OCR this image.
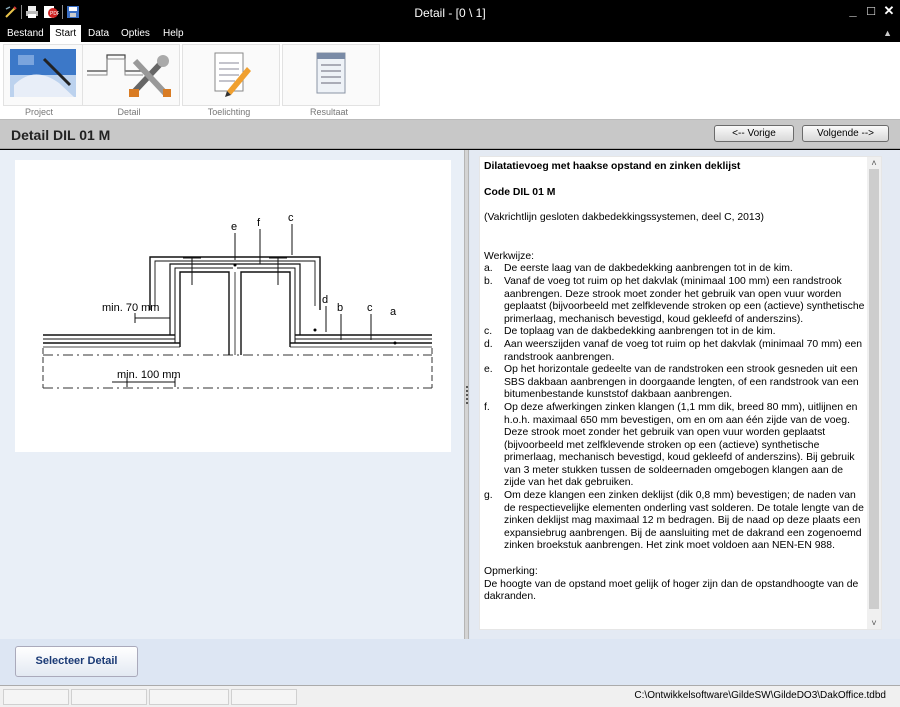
PDF	Detail - [0 \ 1]	_ □ ✕
Bestand	Start	Data	Opties	Help	▲
Project	Detail	Toelichting	Resultaat
Detail DIL 01 M	<-- Vorige	Volgende -->
e f	c
d
b c a
min. 70 mm
min. 100 mm
Dilatatievoeg met haakse opstand en zinken deklijst
Code DIL 01 M
(Vakrichtlijn gesloten dakbedekkingssystemen, deel C, 2013)
Werkwijze:
a. De eerste laag van de dakbedekking aanbrengen tot in de kim.
b. Vanaf de voeg tot ruim op het dakvlak (minimaal 100 mm) een randstrook aanbrengen. Deze strook moet zonder het gebruik van open vuur worden geplaatst (bijvoorbeeld met zelfklevende stroken op een (actieve) synthetische primerlaag, mechanisch bevestigd, koud gekleefd of anderszins).
c. De toplaag van de dakbedekking aanbrengen tot in de kim.
d. Aan weerszijden vanaf de voeg tot ruim op het dakvlak (minimaal 70 mm) een randstrook aanbrengen.
e. Op het horizontale gedeelte van de randstroken een strook gesneden uit een SBS dakbaan aanbrengen in doorgaande lengten, of een randstrook van een bitumenbestande kunststof dakbaan aanbrengen.
f. Op deze afwerkingen zinken klangen (1,1 mm dik, breed 80 mm), uitlijnen en h.o.h. maximaal 650 mm bevestigen, om en om aan één zijde van de voeg. Deze strook moet zonder het gebruik van open vuur worden geplaatst (bijvoorbeeld met zelfklevende stroken op een (actieve) synthetische primerlaag, mechanisch bevestigd, koud gekleefd of anderszins). Bij gebruik van 3 meter stukken tussen de soldeernaden omgebogen klangen aan de zijde van het dak gebruiken.
g. Om deze klangen een zinken deklijst (dik 0,8 mm) bevestigen; de naden van de respectievelijke elementen onderling vast solderen. De totale lengte van de zinken deklijst mag maximaal 12 m bedragen. Bij de naad op deze plaats een expansiebrug aanbrengen. Bij de aansluiting met de dakrand een zogenoemd zinken broekstuk aanbrengen. Het zink moet voldoen aan NEN-EN 988.
Opmerking:
De hoogte van de opstand moet gelijk of hoger zijn dan de opstandhoogte van de dakranden.
˄
˅
Selecteer Detail
C:\Ontwikkelsoftware\GildeSW\GildeDO3\DakOffice.tdbd
